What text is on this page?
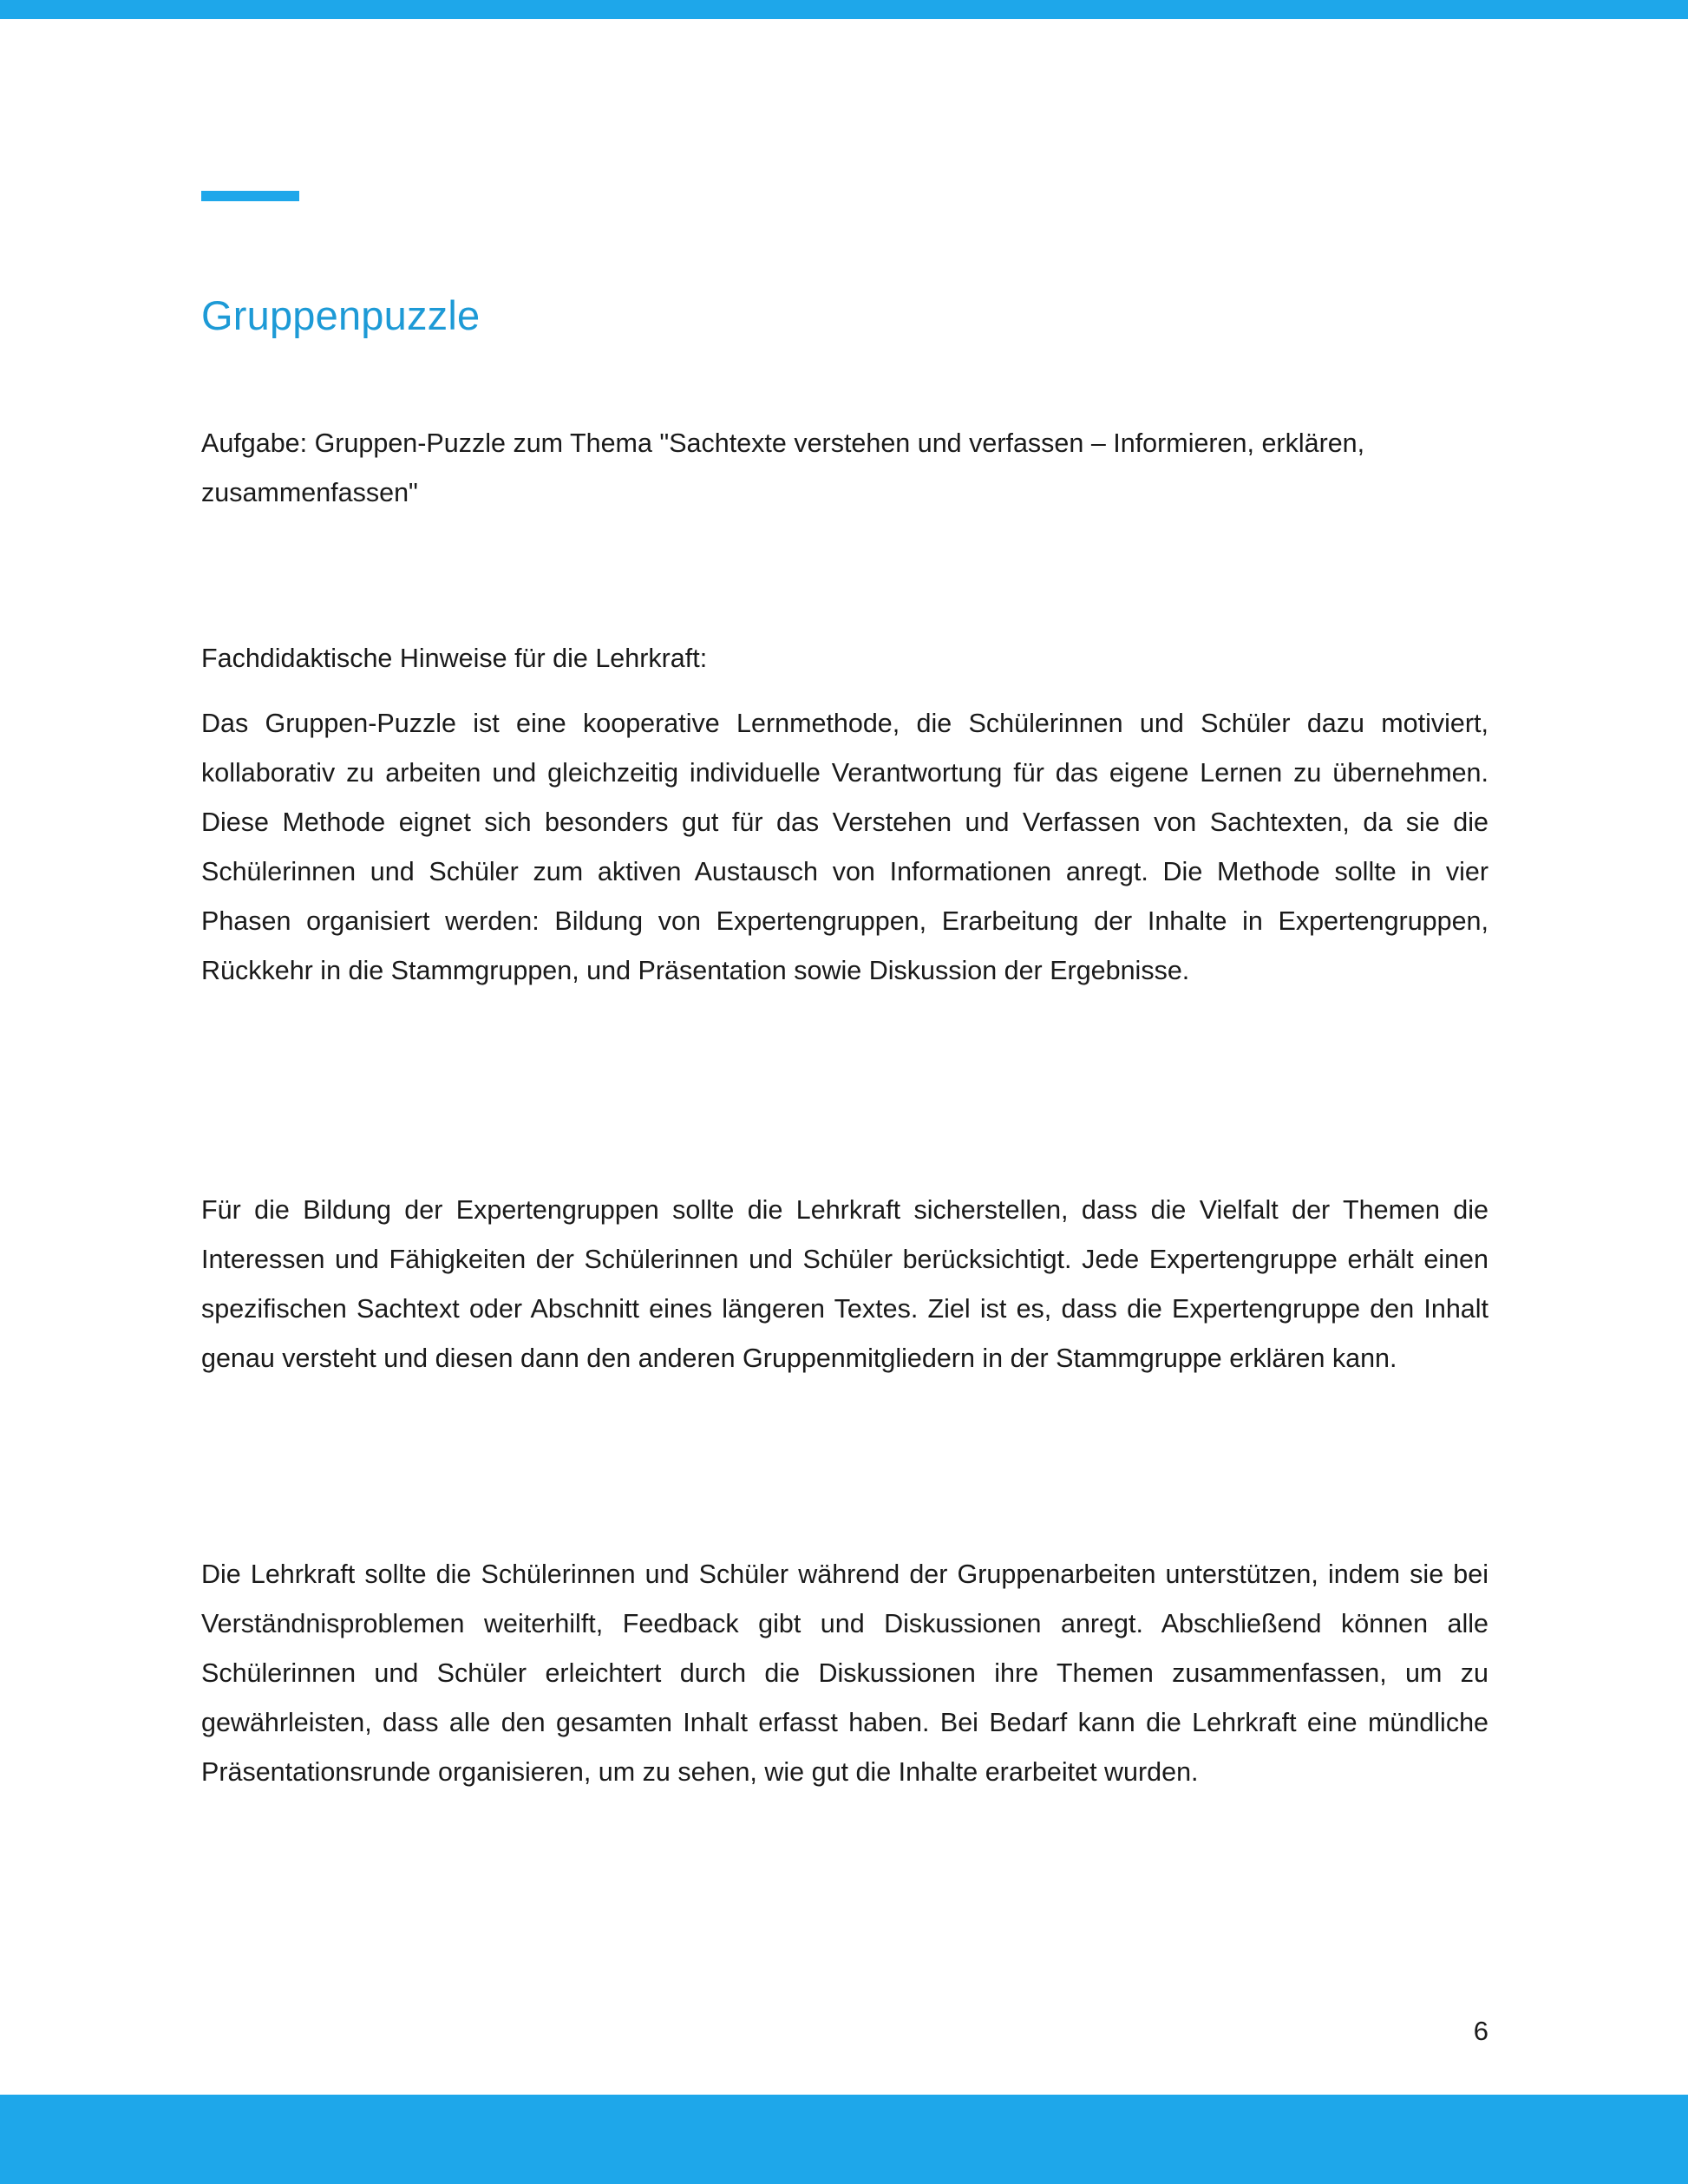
Gruppenpuzzle

Aufgabe: Gruppen-Puzzle zum Thema "Sachtexte verstehen und verfassen – Informieren, erklären, zusammenfassen"

Fachdidaktische Hinweise für die Lehrkraft:

Das Gruppen-Puzzle ist eine kooperative Lernmethode, die Schülerinnen und Schüler dazu motiviert, kollaborativ zu arbeiten und gleichzeitig individuelle Verantwortung für das eigene Lernen zu übernehmen. Diese Methode eignet sich besonders gut für das Verstehen und Verfassen von Sachtexten, da sie die Schülerinnen und Schüler zum aktiven Austausch von Informationen anregt. Die Methode sollte in vier Phasen organisiert werden: Bildung von Expertengruppen, Erarbeitung der Inhalte in Expertengruppen, Rückkehr in die Stammgruppen, und Präsentation sowie Diskussion der Ergebnisse.

Für die Bildung der Expertengruppen sollte die Lehrkraft sicherstellen, dass die Vielfalt der Themen die Interessen und Fähigkeiten der Schülerinnen und Schüler berücksichtigt. Jede Expertengruppe erhält einen spezifischen Sachtext oder Abschnitt eines längeren Textes. Ziel ist es, dass die Expertengruppe den Inhalt genau versteht und diesen dann den anderen Gruppenmitgliedern in der Stammgruppe erklären kann.

Die Lehrkraft sollte die Schülerinnen und Schüler während der Gruppenarbeiten unterstützen, indem sie bei Verständnisproblemen weiterhilft, Feedback gibt und Diskussionen anregt. Abschließend können alle Schülerinnen und Schüler erleichtert durch die Diskussionen ihre Themen zusammenfassen, um zu gewährleisten, dass alle den gesamten Inhalt erfasst haben. Bei Bedarf kann die Lehrkraft eine mündliche Präsentationsrunde organisieren, um zu sehen, wie gut die Inhalte erarbeitet wurden.

6
